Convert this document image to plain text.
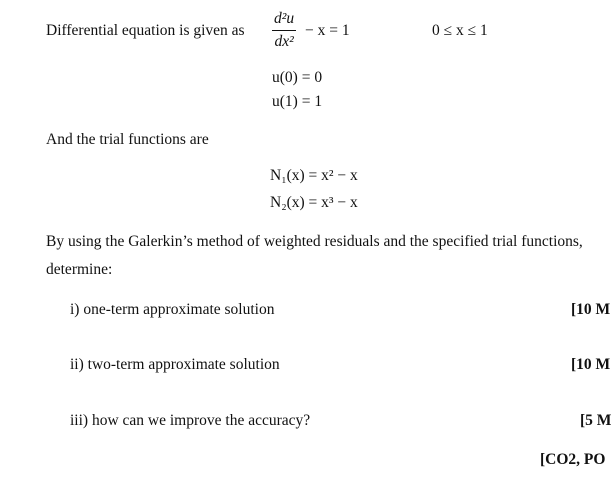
Differential equation is given as $\frac{\text{d²u}}{\text{dx²}} - x = 1$	0 ≤ x ≤ 1
u(0) = 0
u(1) = 1
And the trial functions are
N₁(x) = x² − x
N₂(x) = x³ − x
By using the Galerkin’s method of weighted residuals and the specified trial functions,
determine:
i) one-term approximate solution	[10 M
ii) two-term approximate solution	[10 M
iii) how can we improve the accuracy?	[5 M
[CO2, PO
